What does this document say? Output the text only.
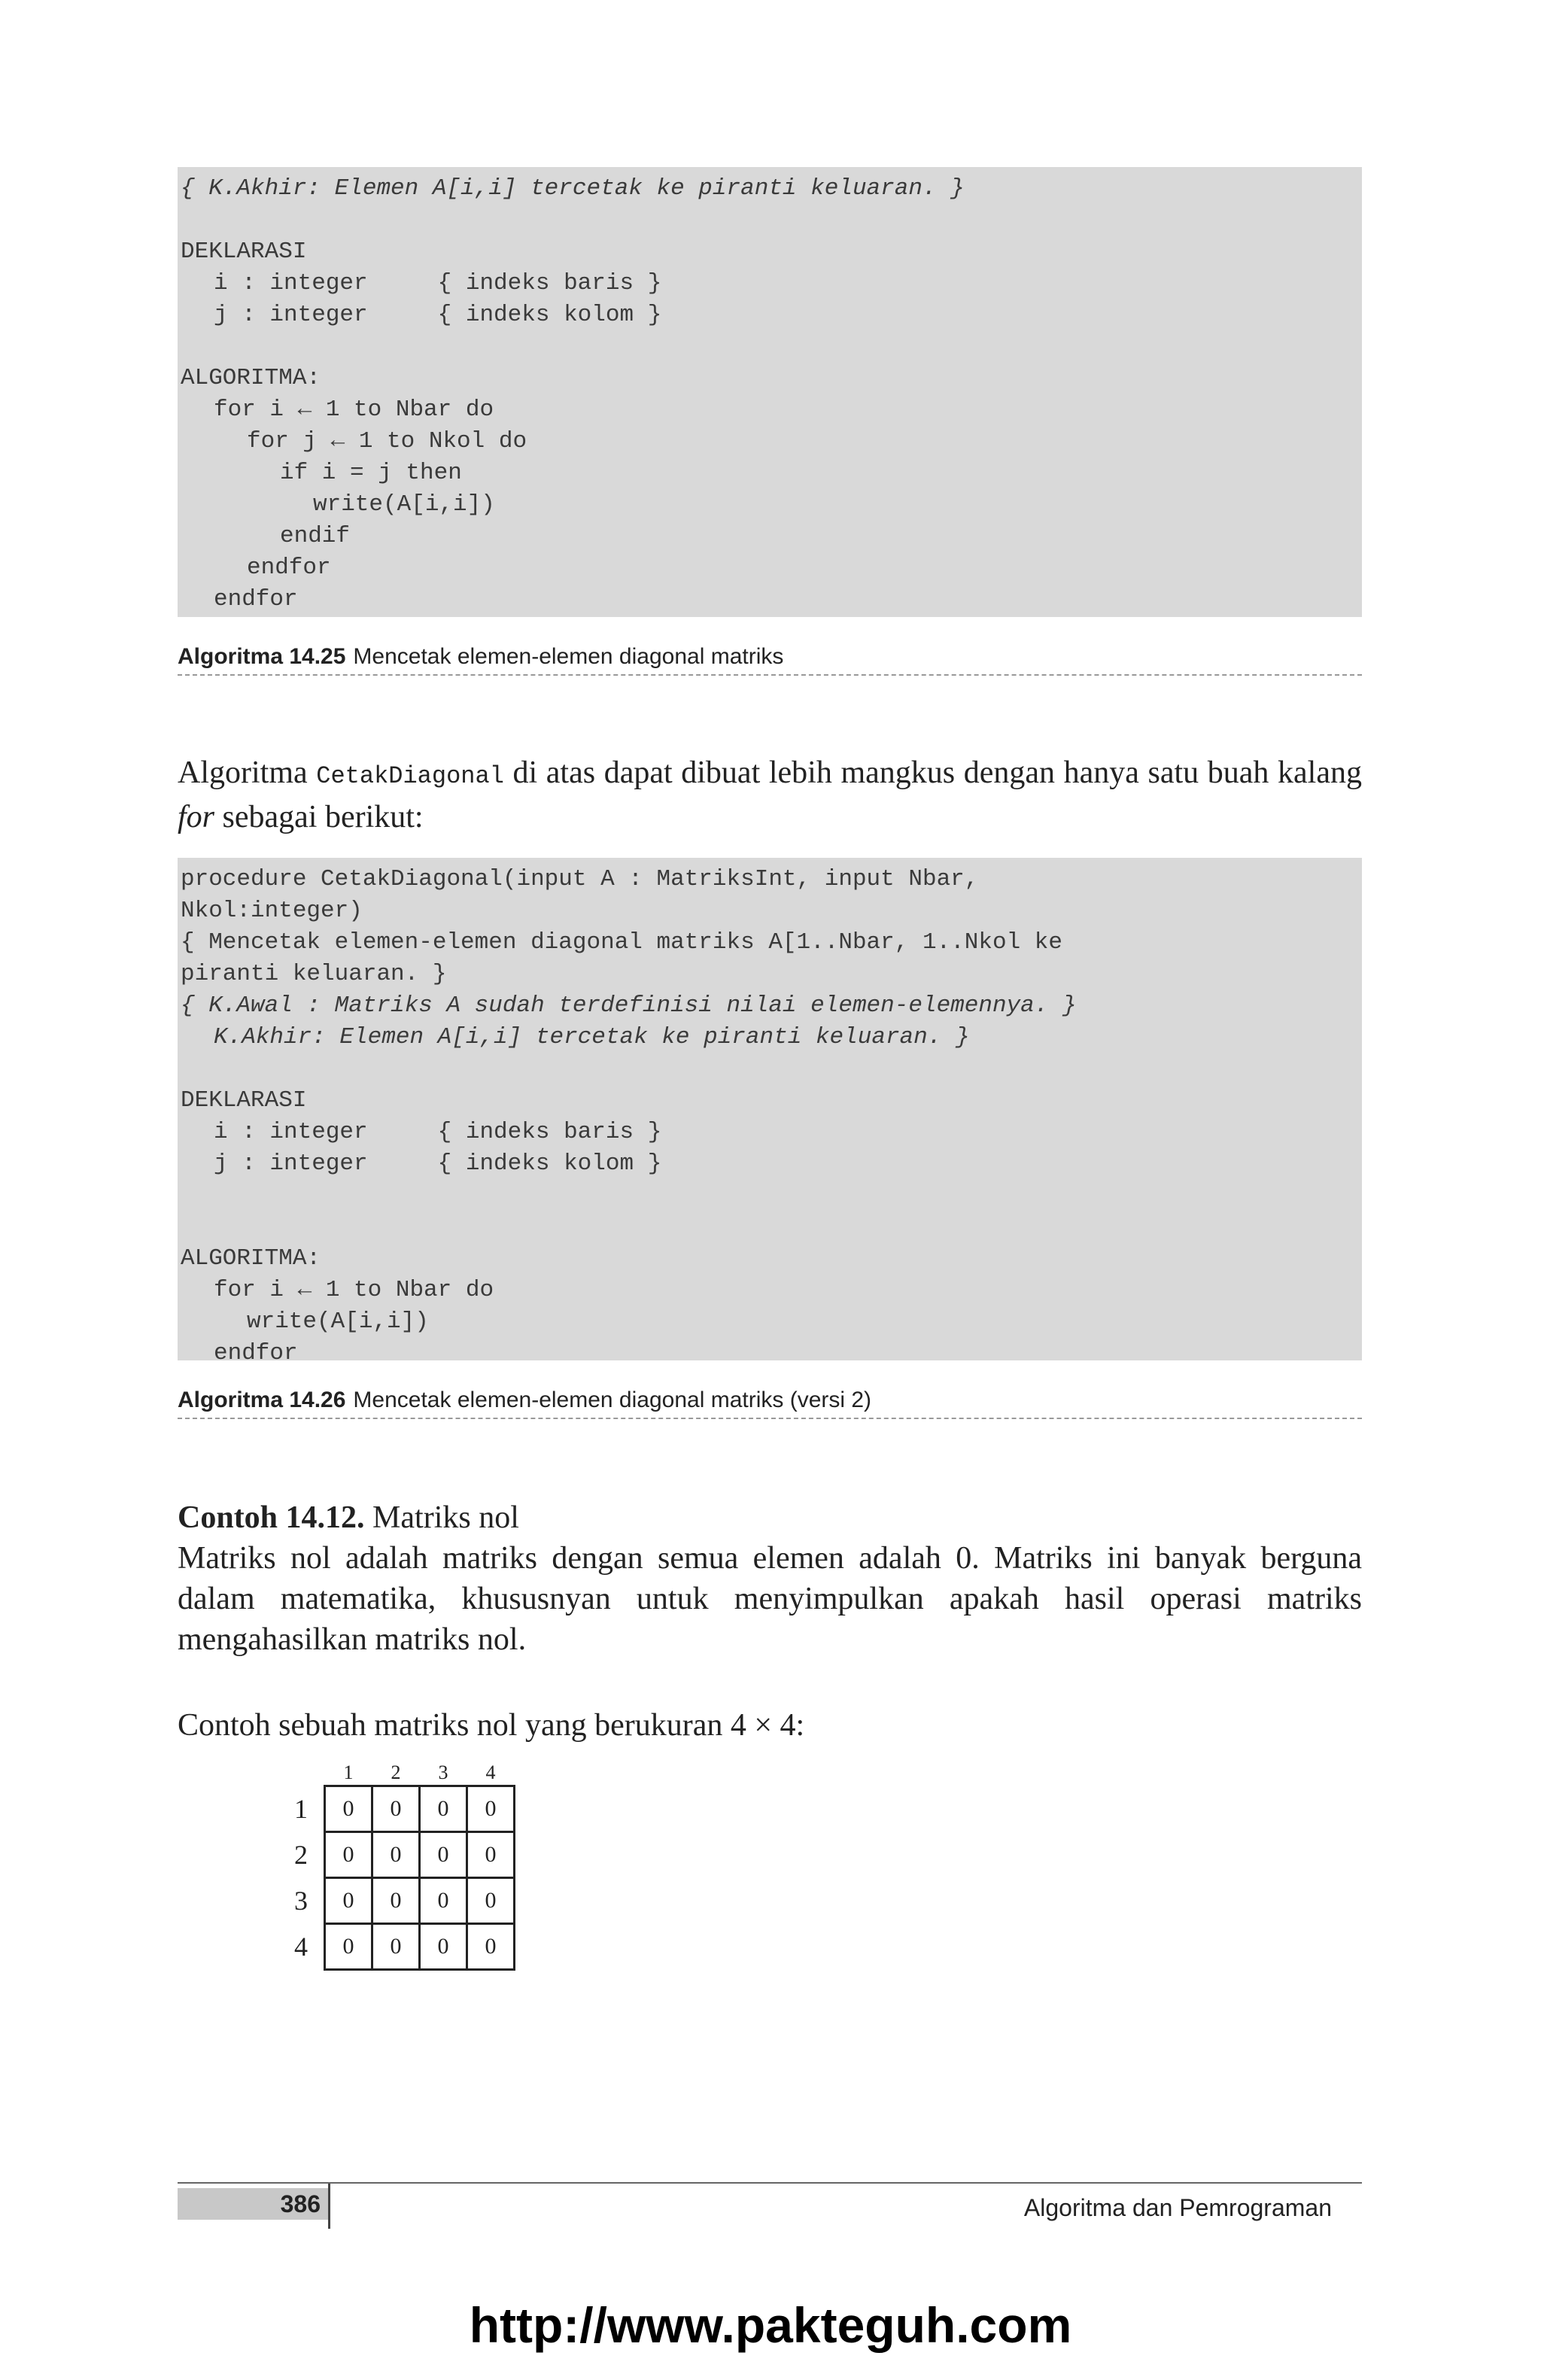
{ K.Akhir: Elemen A[i,i] tercetak ke piranti keluaran. }
DEKLARASI
i : integer     { indeks baris }
j : integer     { indeks kolom }
ALGORITMA:
for i ← 1 to Nbar do
for j ← 1 to Nkol do
if i = j then
write(A[i,i])
endif
endfor
endfor
Algoritma 14.25 Mencetak elemen-elemen diagonal matriks
Algoritma CetakDiagonal di atas dapat dibuat lebih mangkus dengan hanya satu buah kalang for sebagai berikut:
procedure CetakDiagonal(input A : MatriksInt, input Nbar,
Nkol:integer)
{ Mencetak elemen-elemen diagonal matriks A[1..Nbar, 1..Nkol ke
piranti keluaran. }
{ K.Awal : Matriks A sudah terdefinisi nilai elemen-elemennya. }
K.Akhir: Elemen A[i,i] tercetak ke piranti keluaran. }
DEKLARASI
i : integer     { indeks baris }
j : integer     { indeks kolom }
ALGORITMA:
for i ← 1 to Nbar do
write(A[i,i])
endfor
Algoritma 14.26 Mencetak elemen-elemen diagonal matriks (versi 2)
Contoh 14.12. Matriks nol
Matriks nol adalah matriks dengan semua elemen adalah 0. Matriks ini banyak berguna dalam matematika, khususnyan untuk menyimpulkan apakah hasil operasi matriks mengahasilkan matriks nol.
Contoh sebuah matriks nol yang berukuran 4 × 4:
	1	2	3	4
1	0	0	0	0
2	0	0	0	0
3	0	0	0	0
4	0	0	0	0
386	Algoritma dan Pemrograman
http://www.pakteguh.com
